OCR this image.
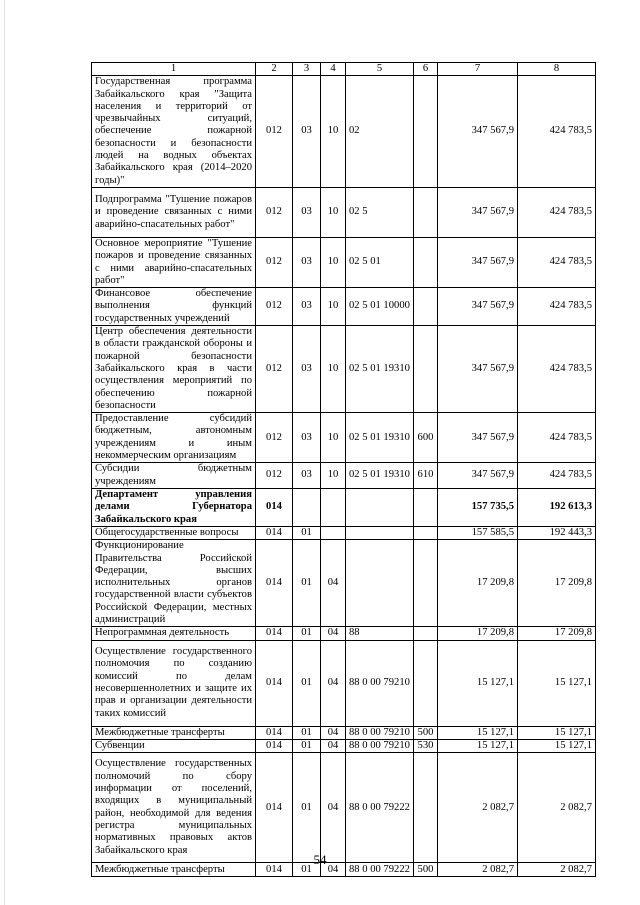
1	2	3	4	5	6	7	8
Государственная программа Забайкальского края "Защита населения и территорий от чрезвычайных ситуаций, обеспечение пожарной безопасности и безопасности людей на водных объектах Забайкальского края (2014–2020 годы)"	012	03	10	02		347 567,9	424 783,5
Подпрограмма "Тушение пожаров и проведение связанных с ними аварийно-спасательных работ"	012	03	10	02 5		347 567,9	424 783,5
Основное мероприятие "Тушение пожаров и проведение связанных с ними аварийно-спасательных работ"	012	03	10	02 5 01		347 567,9	424 783,5
Финансовое обеспечение выполнения функций государственных учреждений	012	03	10	02 5 01 10000		347 567,9	424 783,5
Центр обеспечения деятельности в области гражданской обороны и пожарной безопасности Забайкальского края в части осуществления мероприятий по обеспечению пожарной безопасности	012	03	10	02 5 01 19310		347 567,9	424 783,5
Предоставление субсидий бюджетным, автономным учреждениям и иным некоммерческим организациям	012	03	10	02 5 01 19310	600	347 567,9	424 783,5
Субсидии бюджетным учреждениям	012	03	10	02 5 01 19310	610	347 567,9	424 783,5
Департамент управления делами Губернатора Забайкальского края	014					157 735,5	192 613,3
Общегосударственные вопросы	014	01				157 585,5	192 443,3
Функционирование Правительства Российской Федерации, высших исполнительных органов государственной власти субъектов Российской Федерации, местных администраций	014	01	04			17 209,8	17 209,8
Непрограммная деятельность	014	01	04	88		17 209,8	17 209,8
Осуществление государственного полномочия по созданию комиссий по делам несовершеннолетних и защите их прав и организации деятельности таких комиссий	014	01	04	88 0 00 79210		15 127,1	15 127,1
Межбюджетные трансферты	014	01	04	88 0 00 79210	500	15 127,1	15 127,1
Субвенции	014	01	04	88 0 00 79210	530	15 127,1	15 127,1
Осуществление государственных полномочий по сбору информации от поселений, входящих в муниципальный район, необходимой для ведения регистра муниципальных нормативных правовых актов Забайкальского края	014	01	04	88 0 00 79222		2 082,7	2 082,7
Межбюджетные трансферты	014	01	04	88 0 00 79222	500	2 082,7	2 082,7
54
